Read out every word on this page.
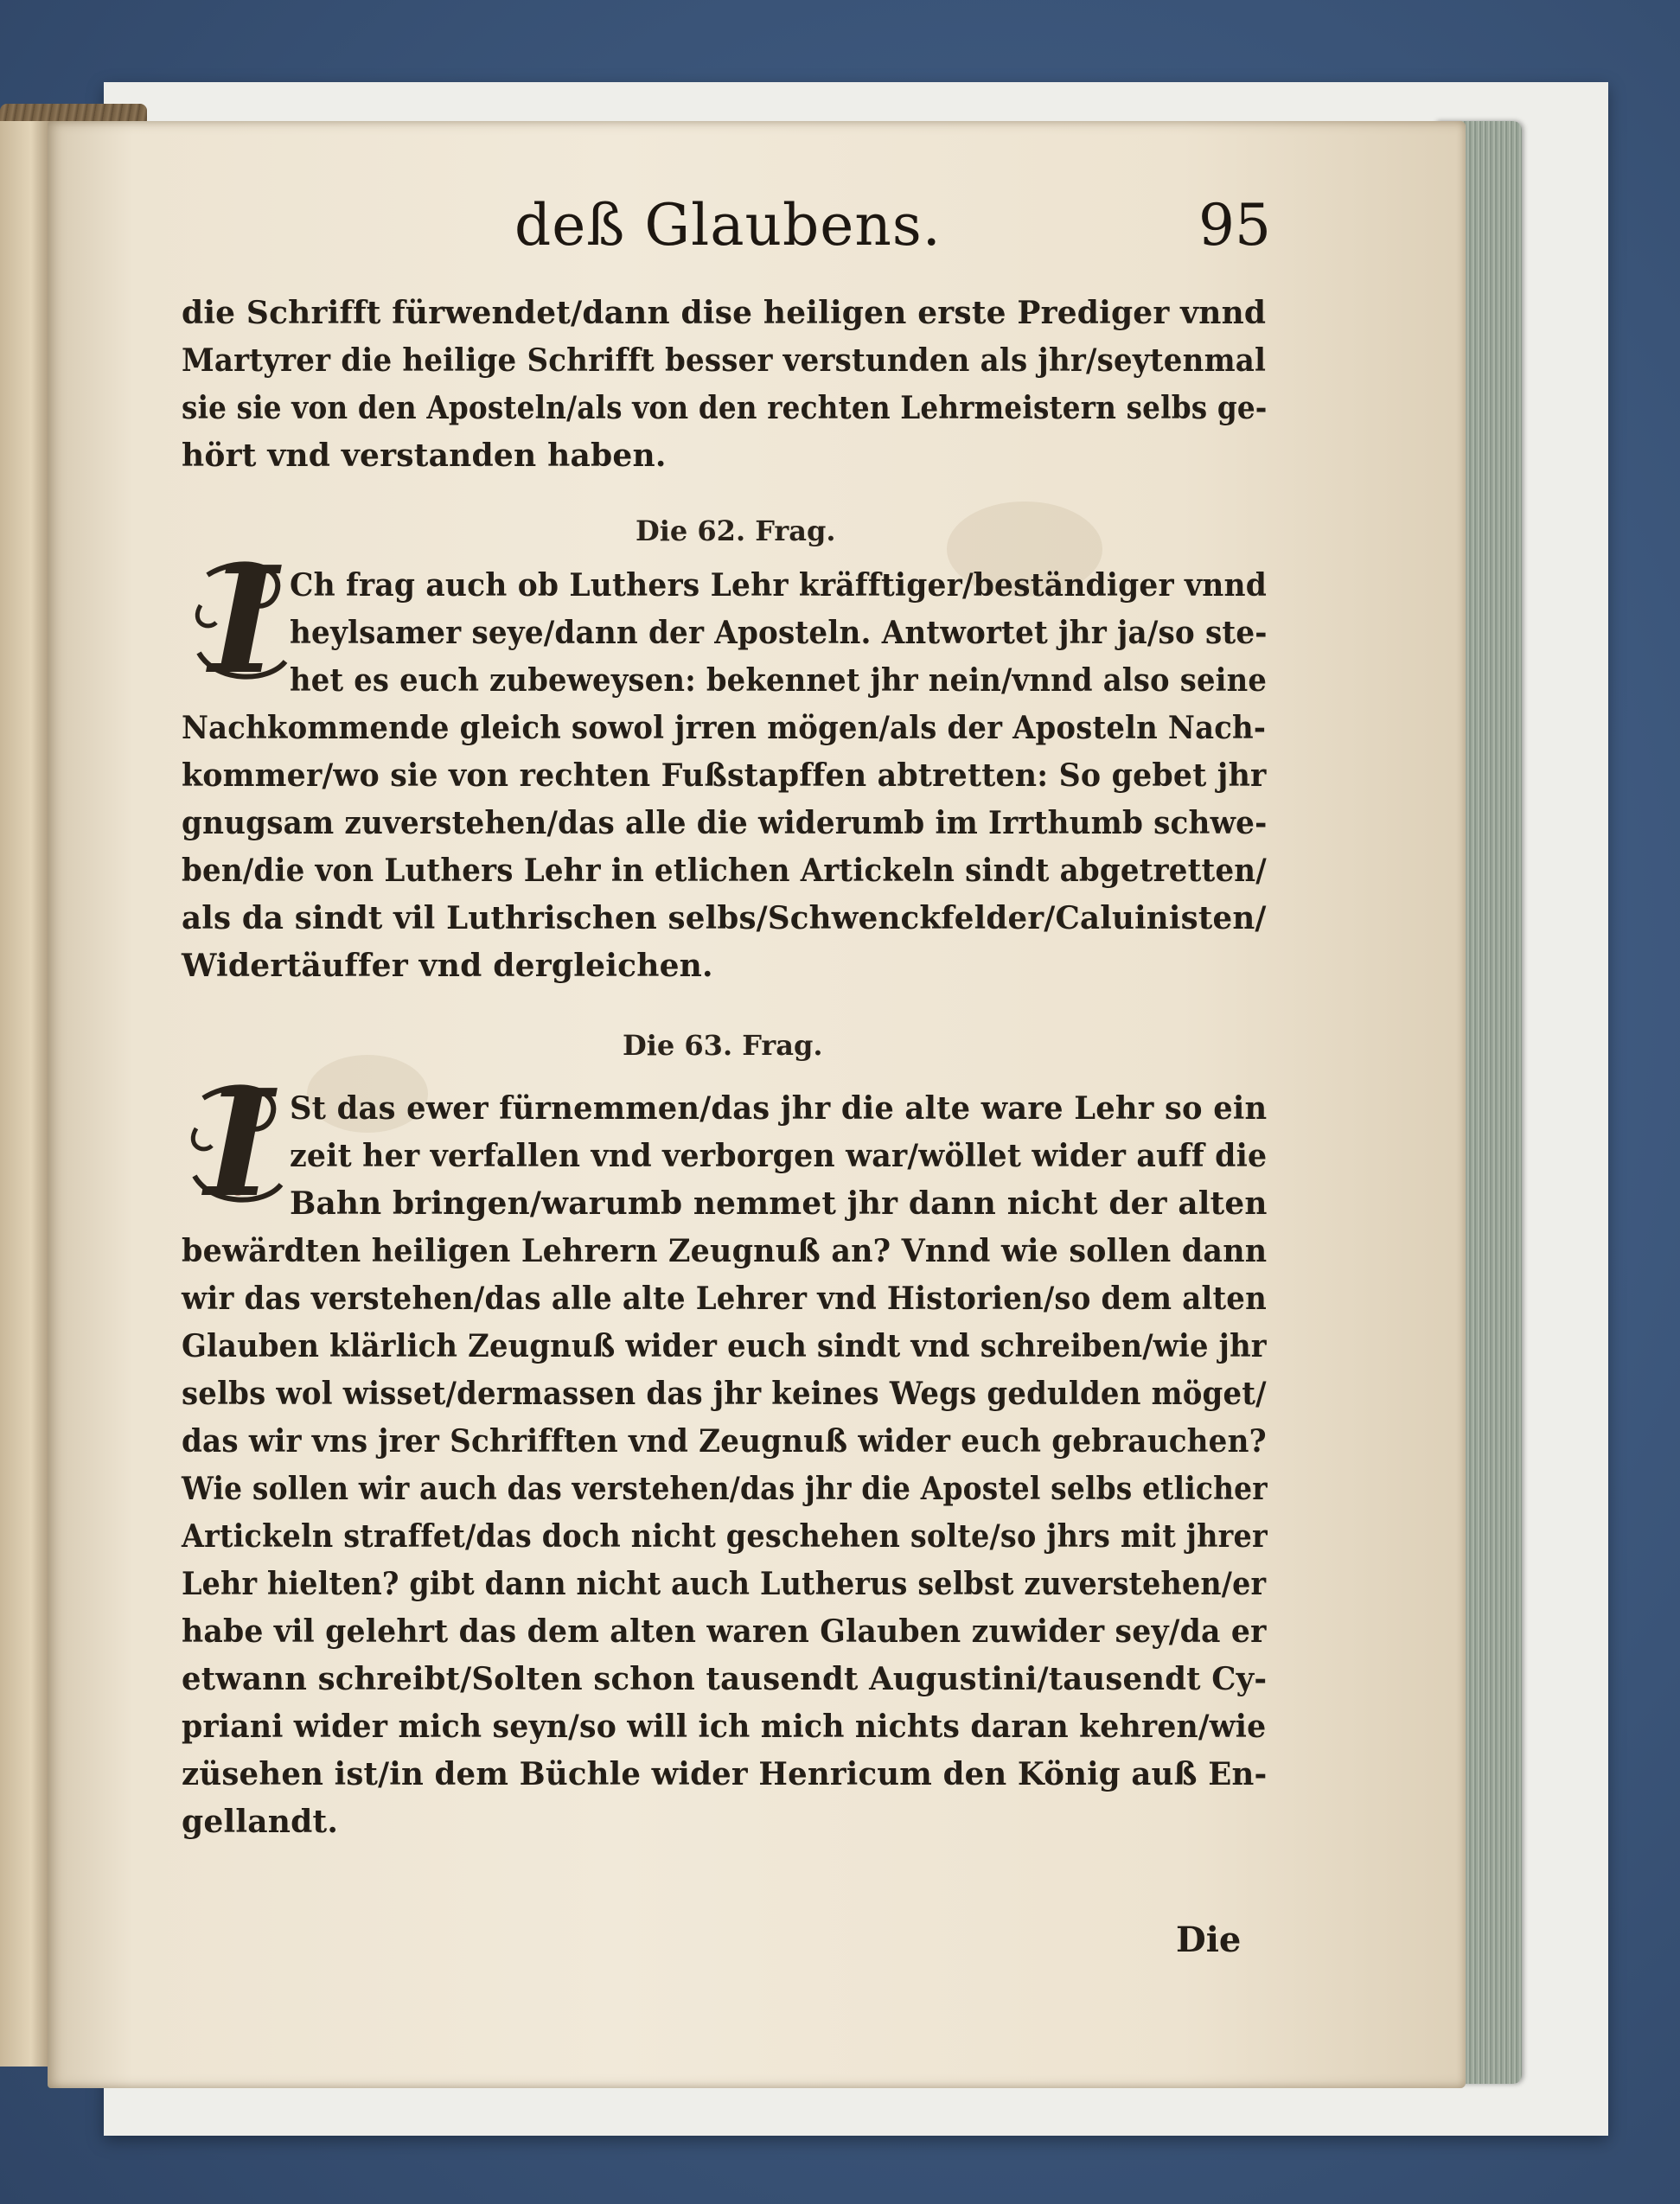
deß Glaubens.	95
die Schrifft fürwendet/dann dise heiligen erste Prediger vnnd
Martyrer die heilige Schrifft besser verstunden als jhr/seytenmal
sie sie von den Aposteln/als von den rechten Lehrmeistern selbs ge-
hört vnd verstanden haben.
Die 62. Frag.
I Ch frag auch ob Luthers Lehr kräfftiger/beständiger vnnd
heylsamer seye/dann der Aposteln. Antwortet jhr ja/so ste-
het es euch zubeweysen: bekennet jhr nein/vnnd also seine
Nachkommende gleich sowol jrren mögen/als der Aposteln Nach-
kommer/wo sie von rechten Fußstapffen abtretten: So gebet jhr
gnugsam zuverstehen/das alle die widerumb im Irrthumb schwe-
ben/die von Luthers Lehr in etlichen Artickeln sindt abgetretten/
als da sindt vil Luthrischen selbs/Schwenckfelder/Caluinisten/
Widertäuffer vnd dergleichen.
Die 63. Frag.
I St das ewer fürnemmen/das jhr die alte ware Lehr so ein
zeit her verfallen vnd verborgen war/wöllet wider auff die
Bahn bringen/warumb nemmet jhr dann nicht der alten
bewärdten heiligen Lehrern Zeugnuß an? Vnnd wie sollen dann
wir das verstehen/das alle alte Lehrer vnd Historien/so dem alten
Glauben klärlich Zeugnuß wider euch sindt vnd schreiben/wie jhr
selbs wol wisset/dermassen das jhr keines Wegs gedulden möget/
das wir vns jrer Schrifften vnd Zeugnuß wider euch gebrauchen?
Wie sollen wir auch das verstehen/das jhr die Apostel selbs etlicher
Artickeln straffet/das doch nicht geschehen solte/so jhrs mit jhrer
Lehr hielten? gibt dann nicht auch Lutherus selbst zuverstehen/er
habe vil gelehrt das dem alten waren Glauben zuwider sey/da er
etwann schreibt/Solten schon tausendt Augustini/tausendt Cy-
priani wider mich seyn/so will ich mich nichts daran kehren/wie
züsehen ist/in dem Büchle wider Henricum den König auß En-
gellandt.
Die
